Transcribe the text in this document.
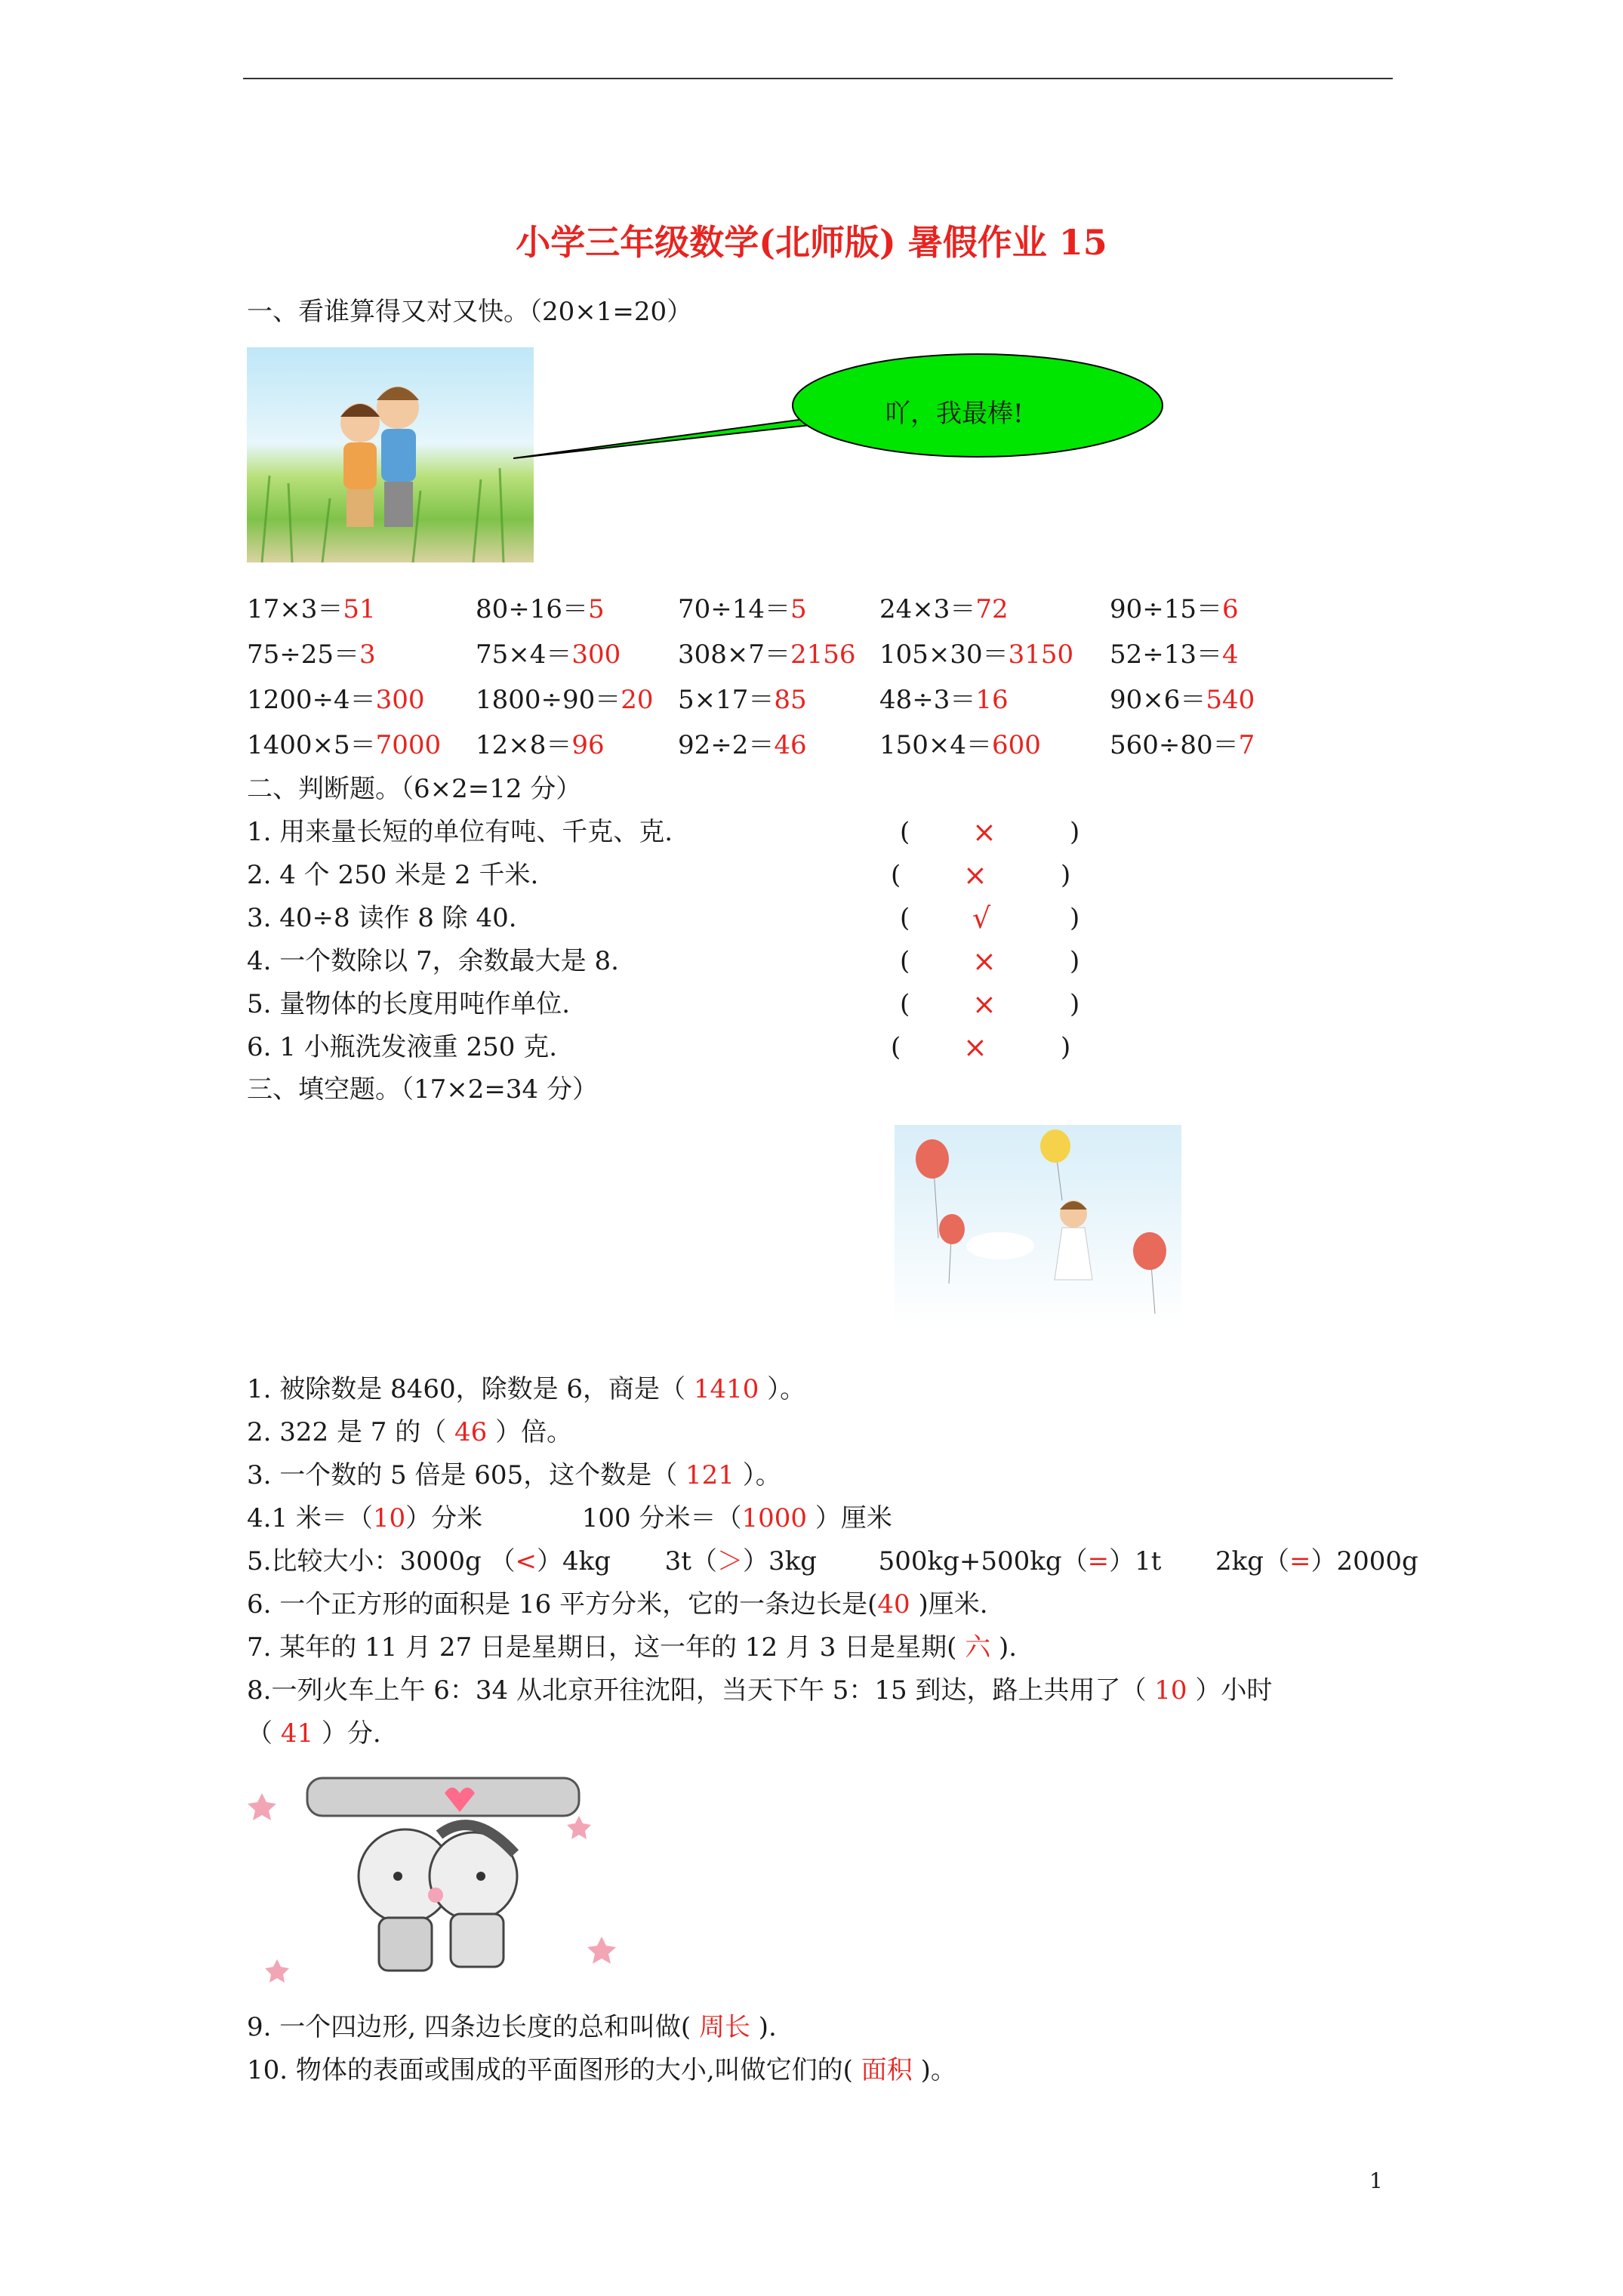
小学三年级数学(北师版) 暑假作业 15
一、看谁算得又对又快。（20×1=20）
吖，我最棒!
17×3＝51	80÷16＝5	70÷14＝5	24×3＝72	90÷15＝6
75÷25＝3	75×4＝300 308×7＝2156 105×30＝3150 52÷13＝4
1200÷4＝300 1800÷90＝20 5×17＝85	48÷3＝16	90×6＝540
1400×5＝7000 12×8＝96	92÷2＝46	150×4＝600	560÷80＝7
二、判断题。（6×2=12 分）
1. 用来量长短的单位有吨、千克、克.	( ×	)
2. 4 个 250 米是 2 千米.	( ×	)
3. 40÷8 读作 8 除 40.	( √	)
4. 一个数除以 7，余数最大是 8.	( ×	)
5. 量物体的长度用吨作单位.	( ×	)
6. 1 小瓶洗发液重 250 克.	( ×	)
三、填空题。（17×2=34 分）
1. 被除数是 8460，除数是 6，商是（ 1410 ）。
2. 322 是 7 的（ 46 ）倍。
3. 一个数的 5 倍是 605，这个数是（ 121 ）。
4.1 米＝（10）分米	100 分米＝（1000 ）厘米
5.比较大小：3000g （<）4kg 3t（＞）3kg 500kg+500kg（=）1t 2kg（=）2000g
6. 一个正方形的面积是 16 平方分米，它的一条边长是(40 )厘米.
7. 某年的 11 月 27 日是星期日，这一年的 12 月 3 日是星期( 六 ).
8.一列火车上午 6：34 从北京开往沈阳，当天下午 5：15 到达，路上共用了（ 10 ）小时
（ 41 ）分.
9. 一个四边形, 四条边长度的总和叫做( 周长 ).
10. 物体的表面或围成的平面图形的大小,叫做它们的( 面积 )。
1
